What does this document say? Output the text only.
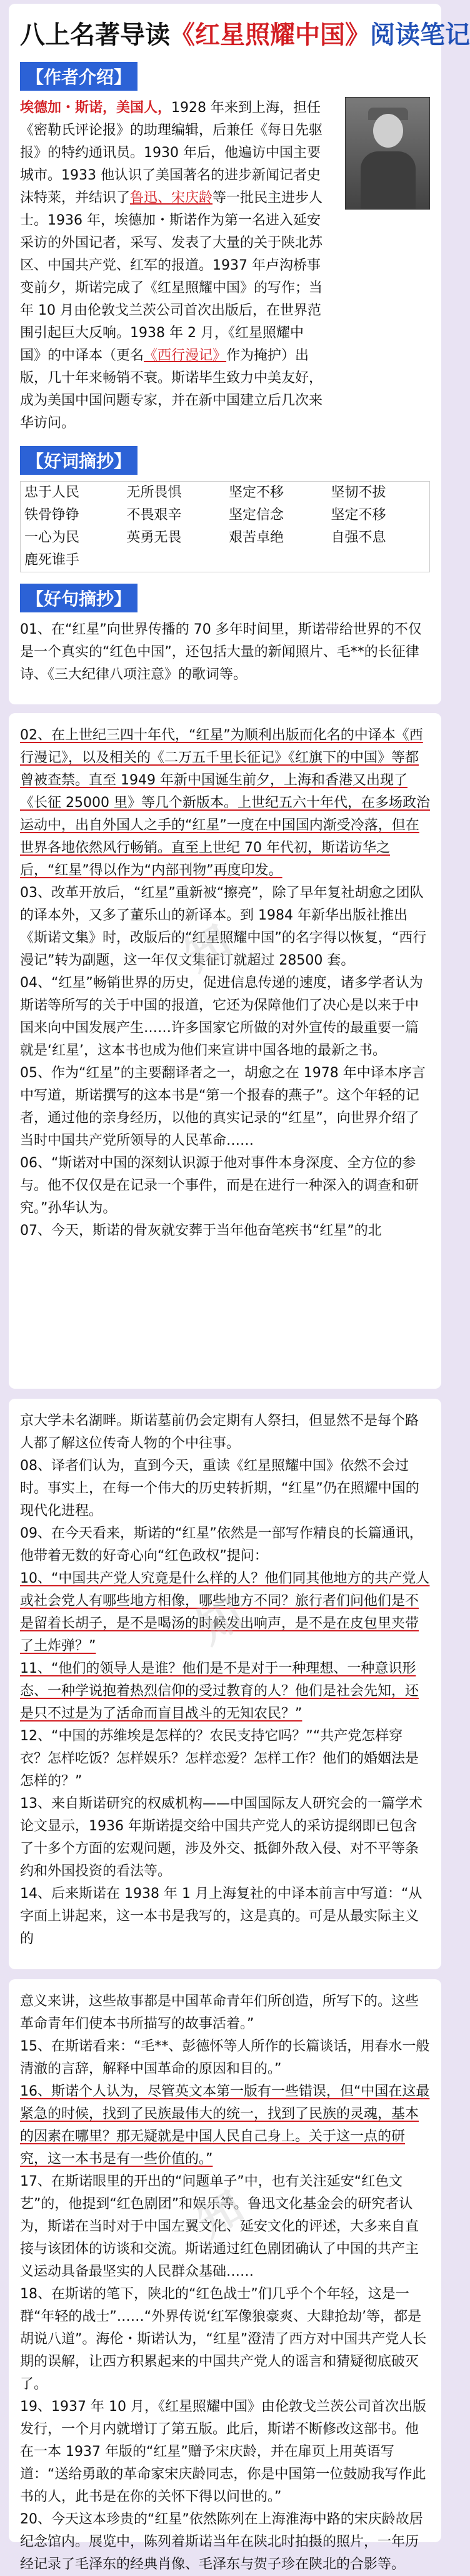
八上名著导读《红星照耀中国》阅读笔记
【作者介绍】
埃德加・斯诺，美国人，1928 年来到上海，担任《密勒氏评论报》的助理编辑，后兼任《每日先驱报》的特约通讯员。1930 年后，他遍访中国主要城市。1933 他认识了美国著名的进步新闻记者史沫特莱，并结识了鲁迅、宋庆龄等一批民主进步人士。1936 年，埃德加・斯诺作为第一名进入延安采访的外国记者，采写、发表了大量的关于陕北苏区、中国共产党、红军的报道。1937 年卢沟桥事变前夕，斯诺完成了《红星照耀中国》的写作；当年 10 月由伦敦戈兰茨公司首次出版后，在世界范围引起巨大反响。1938 年 2 月，《红星照耀中国》的中译本（更名《西行漫记》作为掩护）出版，几十年来畅销不衰。斯诺毕生致力中美友好，成为美国中国问题专家，并在新中国建立后几次来华访问。
【好词摘抄】
忠于人民	无所畏惧	坚定不移	坚韧不拔
铁骨铮铮	不畏艰辛	坚定信念	坚定不移
一心为民	英勇无畏	艰苦卓绝	自强不息
鹿死谁手
【好句摘抄】
01、在“红星”向世界传播的 70 多年时间里，斯诺带给世界的不仅是一个真实的“红色中国”，还包括大量的新闻照片、毛**的长征律诗、《三大纪律八项注意》的歌词等。
02、在上世纪三四十年代，“红星”为顺利出版而化名的中译本《西行漫记》，以及相关的《二万五千里长征记》《红旗下的中国》等都曾被查禁。直至 1949 年新中国诞生前夕，上海和香港又出现了《长征 25000 里》等几个新版本。上世纪五六十年代，在多场政治运动中，出自外国人之手的“红星”一度在中国国内渐受冷落，但在世界各地依然风行畅销。直至上世纪 70 年代初，斯诺访华之后，“红星”得以作为“内部刊物”再度印发。
03、改革开放后，“红星”重新被“擦亮”，除了早年复社胡愈之团队的译本外，又多了董乐山的新译本。到 1984 年新华出版社推出《斯诺文集》时，改版后的“红星照耀中国”的名字得以恢复，“西行漫记”转为副题，这一年仅文集征订就超过 28500 套。
04、“红星”畅销世界的历史，促进信息传递的速度，诸多学者认为斯诺等所写的关于中国的报道，它还为保障他们了决心是以来于中国来向中国发展产生……许多国家它所做的对外宣传的最重要一篇就是‘红星’，这本书也成为他们来宣讲中国各地的最新之书。
05、作为“红星”的主要翻译者之一，胡愈之在 1978 年中译本序言中写道，斯诺撰写的这本书是“第一个报春的燕子”。这个年轻的记者，通过他的亲身经历，以他的真实记录的“红星”，向世界介绍了当时中国共产党所领导的人民革命……
06、“斯诺对中国的深刻认识源于他对事件本身深度、全方位的参与。他不仅仅是在记录一个事件，而是在进行一种深入的调查和研究。”孙华认为。
07、今天，斯诺的骨灰就安葬于当年他奋笔疾书“红星”的北
知
京大学未名湖畔。斯诺墓前仍会定期有人祭扫，但显然不是每个路人都了解这位传奇人物的个中往事。
08、译者们认为，直到今天，重读《红星照耀中国》依然不会过时。事实上，在每一个伟大的历史转折期，“红星”仍在照耀中国的现代化进程。
09、在今天看来，斯诺的“红星”依然是一部写作精良的长篇通讯，他带着无数的好奇心向“红色政权”提问：
10、“中国共产党人究竟是什么样的人？他们同其他地方的共产党人或社会党人有哪些地方相像，哪些地方不同？旅行者们问他们是不是留着长胡子，是不是喝汤的时候发出响声，是不是在皮包里夹带了土炸弹？”
11、“他们的领导人是谁？他们是不是对于一种理想、一种意识形态、一种学说抱着热烈信仰的受过教育的人？他们是社会先知，还是只不过是为了活命而盲目战斗的无知农民？”
12、“中国的苏维埃是怎样的？农民支持它吗？”“共产党怎样穿衣？怎样吃饭？怎样娱乐？怎样恋爱？怎样工作？他们的婚姻法是怎样的？”
13、来自斯诺研究的权威机构——中国国际友人研究会的一篇学术论文显示，1936 年斯诺提交给中国共产党人的采访提纲即已包含了十多个方面的宏观问题，涉及外交、抵御外敌入侵、对不平等条约和外国投资的看法等。
14、后来斯诺在 1938 年 1 月上海复社的中译本前言中写道：“从字面上讲起来，这一本书是我写的，这是真的。可是从最实际主义的
知
意义来讲，这些故事都是中国革命青年们所创造，所写下的。这些革命青年们使本书所描写的故事活着。”
15、在斯诺看来：“毛**、彭德怀等人所作的长篇谈话，用春水一般清澈的言辞，解释中国革命的原因和目的。”
16、斯诺个人认为，尽管英文本第一版有一些错误，但“中国在这最紧急的时候，找到了民族最伟大的统一，找到了民族的灵魂，基本的因素在哪里？那无疑就是中国人民自己身上。关于这一点的研究，这一本书是有一些价值的。”
17、在斯诺眼里的开出的“问题单子”中，也有关注延安“红色文艺”的，他提到“红色剧团”和娱乐等。鲁迅文化基金会的研究者认为，斯诺在当时对于中国左翼文化、延安文化的评述，大多来自直接与该团体的访谈和交流。斯诺通过红色剧团确认了中国的共产主义运动具备最坚实的人民群众基础……
18、在斯诺的笔下，陕北的“红色战士”们几乎个个年轻，这是一群“年轻的战士”……“外界传说‘红军像狼豪爽、大肆抢劫’等，都是胡说八道”。海伦・斯诺认为，“红星”澄清了西方对中国共产党人长期的误解，让西方积累起来的中国共产党人的谣言和猜疑彻底破灭了。
19、1937 年 10 月，《红星照耀中国》由伦敦戈兰茨公司首次出版发行，一个月内就增订了第五版。此后，斯诺不断修改这部书。他在一本 1937 年版的“红星”赠予宋庆龄，并在扉页上用英语写道：“送给勇敢的革命家宋庆龄同志，你是中国第一位鼓励我写作此书的人，此书是在你的关怀下得以问世的。”
20、今天这本珍贵的“红星”依然陈列在上海淮海中路的宋庆龄故居纪念馆内。展览中，陈列着斯诺当年在陕北时拍摄的照片，一年历经记录了毛泽东的经典肖像、毛泽东与贺子珍在陕北的合影等。
知
